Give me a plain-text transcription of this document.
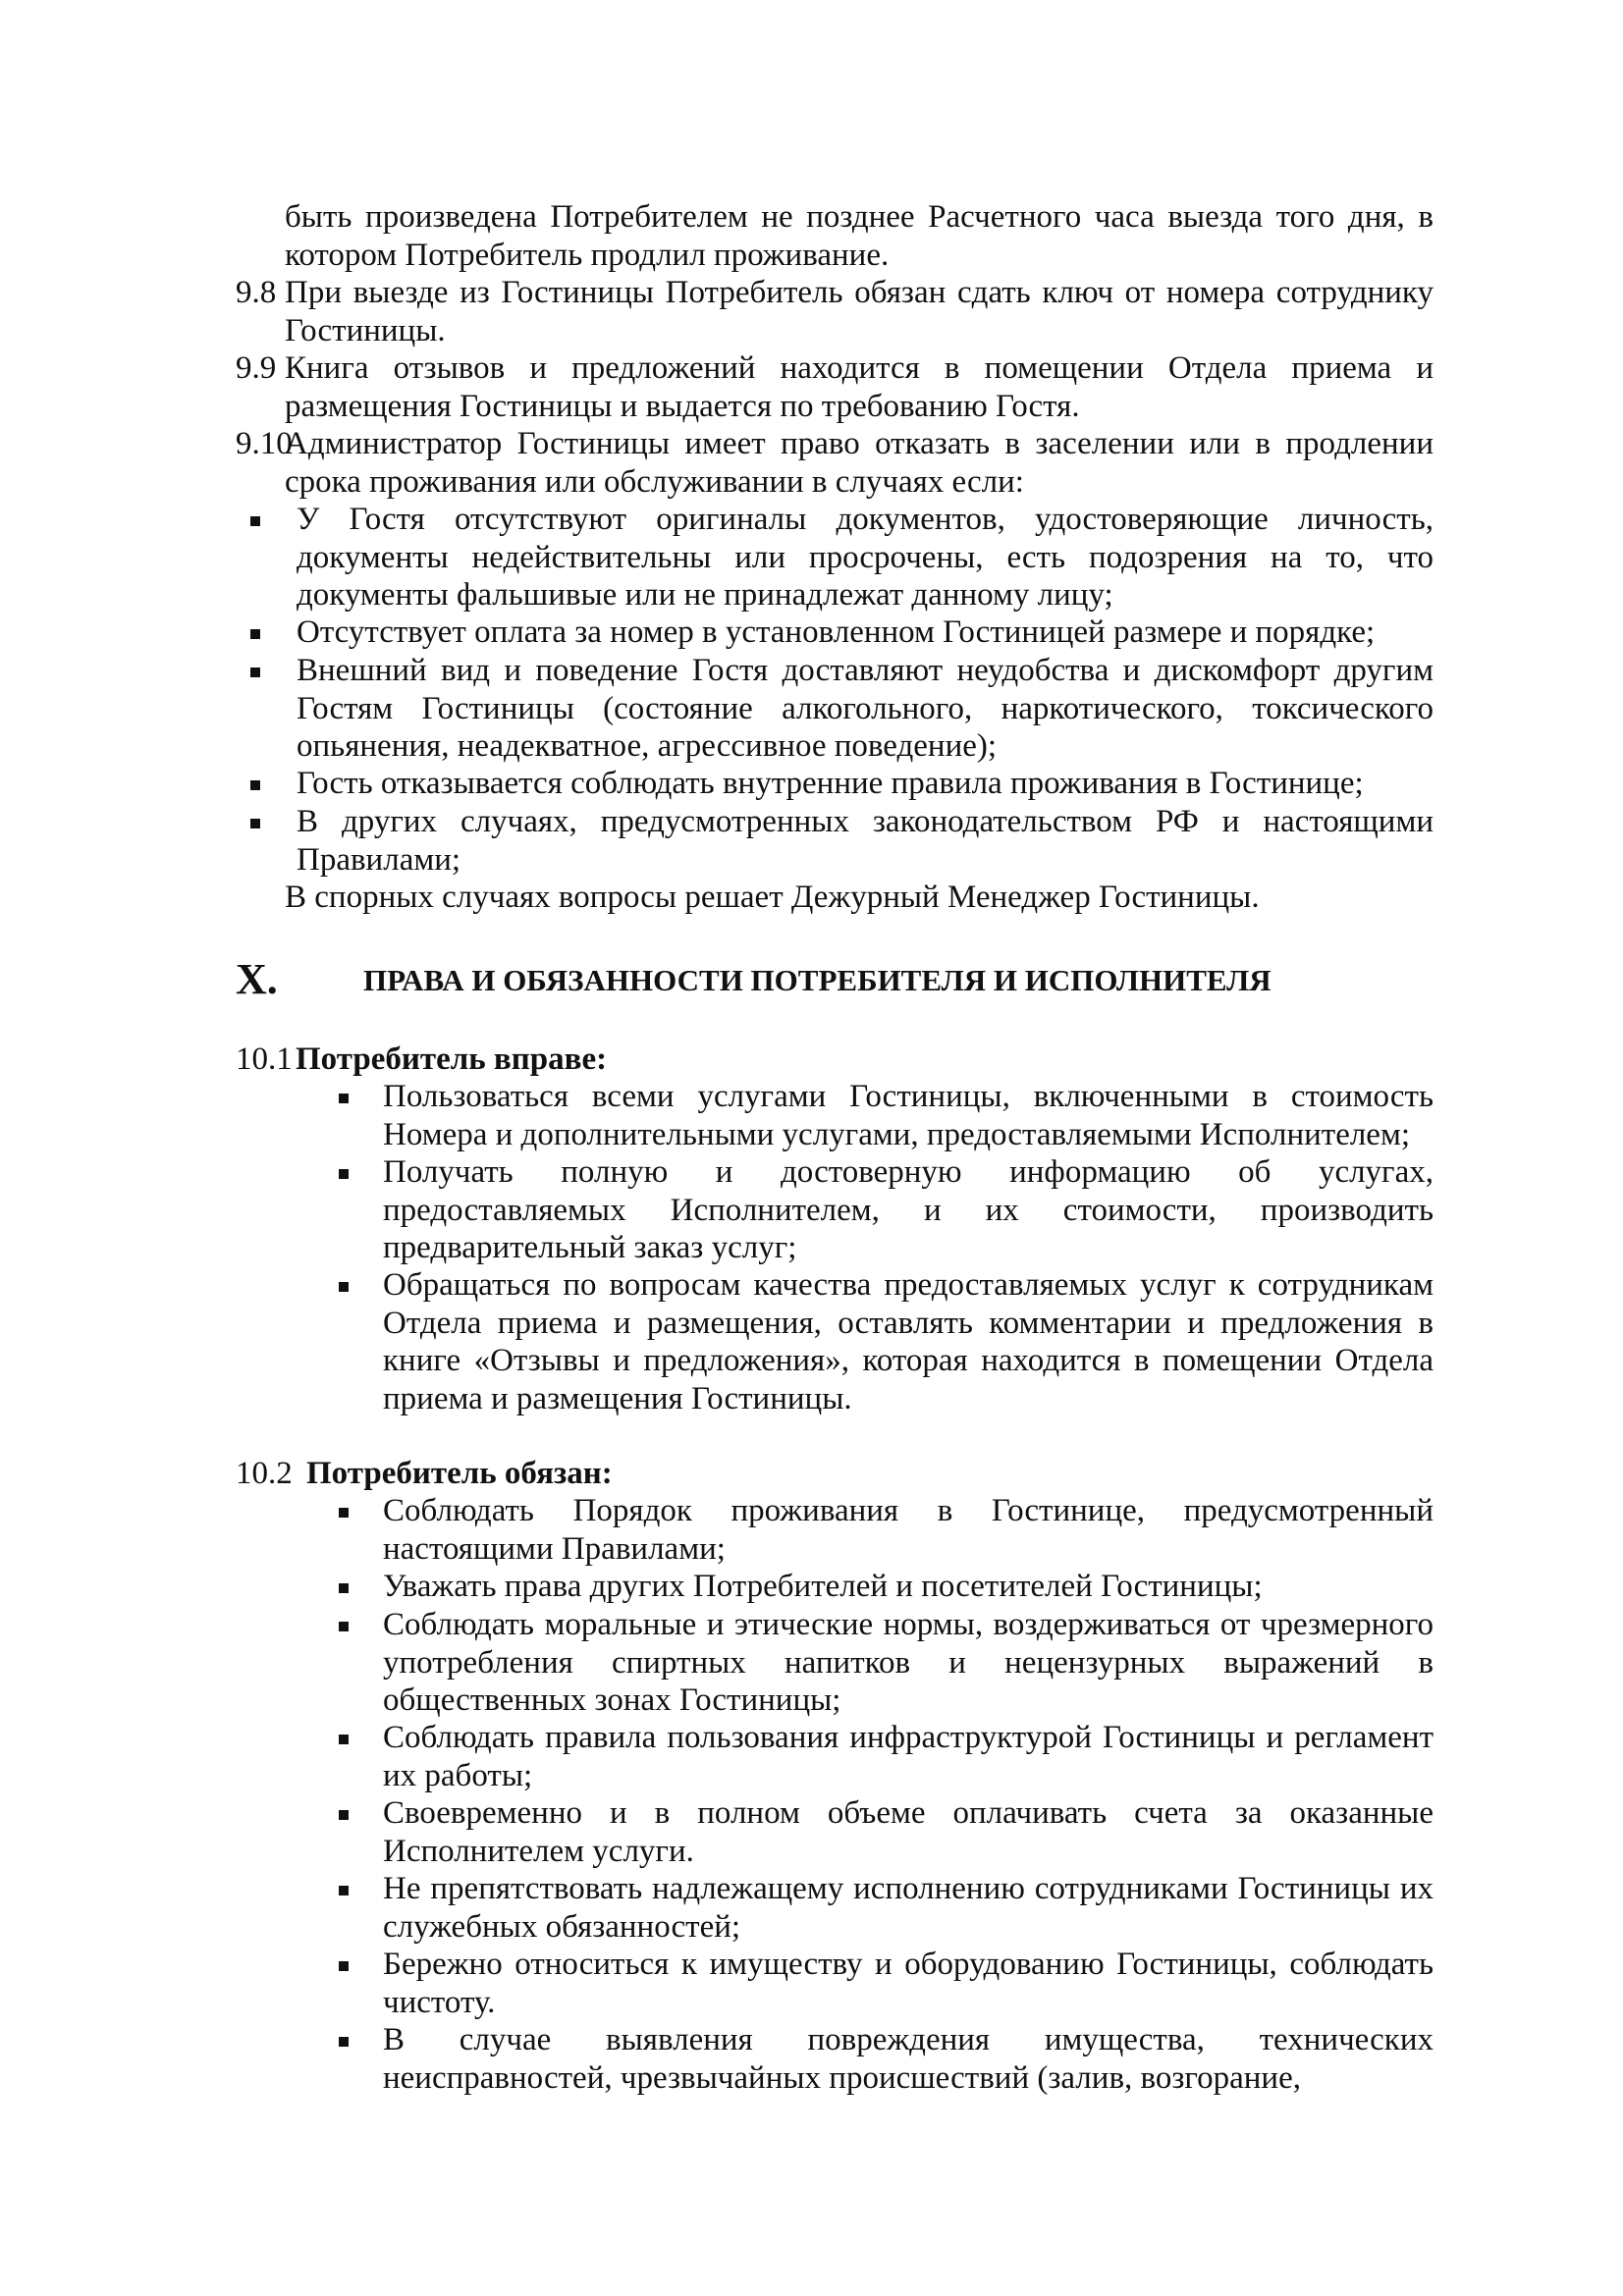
быть произведена Потребителем не позднее Расчетного часа выезда того дня, в котором Потребитель продлил проживание.

9.8 При выезде из Гостиницы Потребитель обязан сдать ключ от номера сотруднику Гостиницы.

9.9 Книга отзывов и предложений находится в помещении Отдела приема и размещения Гостиницы и выдается по требованию Гостя.

9.10

Администратор Гостиницы имеет право отказать в заселении или в продлении срока проживания или обслуживании в случаях если:

У Гостя отсутствуют оригиналы документов, удостоверяющие личность, документы недействительны или просрочены, есть подозрения на то, что документы фальшивые или не принадлежат данному лицу;

Отсутствует оплата за номер в установленном Гостиницей размере и порядке;

Внешний вид и поведение Гостя доставляют неудобства и дискомфорт другим Гостям Гостиницы (состояние алкогольного, наркотического, токсического опьянения, неадекватное, агрессивное поведение);

Гость отказывается соблюдать внутренние правила проживания в Гостинице;

В других случаях, предусмотренных законодательством РФ и настоящими Правилами;

В спорных случаях вопросы решает Дежурный Менеджер Гостиницы.

X.	ПРАВА И ОБЯЗАННОСТИ ПОТРЕБИТЕЛЯ И ИСПОЛНИТЕЛЯ
10.1 Потребитель вправе:

Пользоваться всеми услугами Гостиницы, включенными в стоимость Номера и дополнительными услугами, предоставляемыми Исполнителем;

Получать полную и достоверную информацию об услугах, предоставляемых Исполнителем, и их стоимости, производить предварительный заказ услуг;

Обращаться по вопросам качества предоставляемых услуг к сотрудникам Отдела приема и размещения, оставлять комментарии и предложения в книге «Отзывы и предложения», которая находится в помещении Отдела приема и размещения Гостиницы.

10.2 Потребитель обязан:

Соблюдать Порядок проживания в Гостинице, предусмотренный настоящими Правилами;

Уважать права других Потребителей и посетителей Гостиницы;

Соблюдать моральные и этические нормы, воздерживаться от чрезмерного употребления спиртных напитков и нецензурных выражений в общественных зонах Гостиницы;

Соблюдать правила пользования инфраструктурой Гостиницы и регламент их работы;

Своевременно и в полном объеме оплачивать счета за оказанные Исполнителем услуги.

Не препятствовать надлежащему исполнению сотрудниками Гостиницы их служебных обязанностей;

Бережно относиться к имуществу и оборудованию Гостиницы, соблюдать чистоту.

В случае выявления повреждения имущества, технических неисправностей, чрезвычайных происшествий (залив, возгорание,
